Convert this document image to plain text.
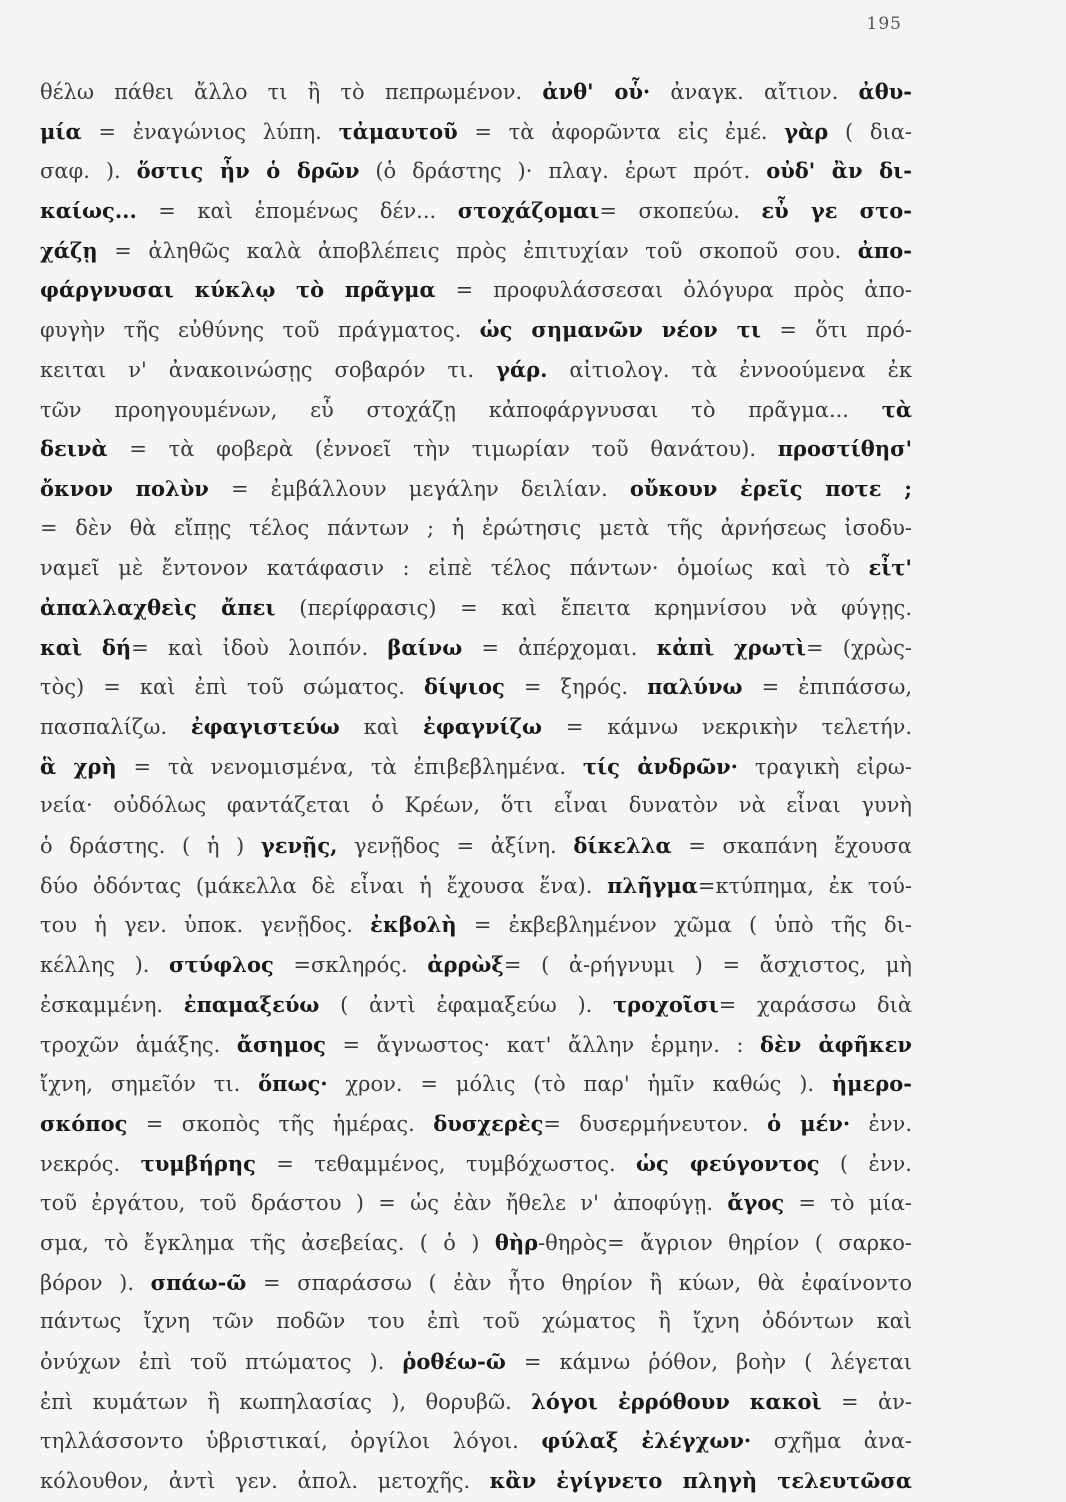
195
θέλω πάθει ἄλλο τι ἢ τὸ πεπρωμένον. ἀνθ' οὗ· ἀναγκ. αἴτιον. ἀθυ-
μία = ἐναγώνιος λύπη. τἀμαυτοῦ = τὰ ἀφορῶντα εἰς ἐμέ. γὰρ ( δια-
σαφ. ). ὅστις ἦν ὁ δρῶν (ὁ δράστης )· πλαγ. ἐρωτ πρότ. οὐδ' ἂν δι-
καίως... = καὶ ἑπομένως δέν... στοχάζομαι= σκοπεύω. εὖ γε στο-
χάζῃ = ἀληθῶς καλὰ ἀποβλέπεις πρὸς ἐπιτυχίαν τοῦ σκοποῦ σου. ἀπο-
φάργνυσαι κύκλῳ τὸ πρᾶγμα = προφυλάσσεσαι ὀλόγυρα πρὸς ἀπο-
φυγὴν τῆς εὐθύνης τοῦ πράγματος. ὡς σημανῶν νέον τι = ὅτι πρό-
κειται ν' ἀνακοινώσῃς σοβαρόν τι. γάρ. αἰτιολογ. τὰ ἐννοούμενα ἐκ
τῶν προηγουμένων, εὖ στοχάζῃ κἀποφάργνυσαι τὸ πρᾶγμα... τὰ
δεινὰ = τὰ φοβερὰ (ἐννοεῖ τὴν τιμωρίαν τοῦ θανάτου). προστίθησ'
ὄκνον πολὺν = ἐμβάλλουν μεγάλην δειλίαν. οὔκουν ἐρεῖς ποτε ;
= δὲν θὰ εἴπῃς τέλος πάντων ; ἡ ἐρώτησις μετὰ τῆς ἀρνήσεως ἰσοδυ-
ναμεῖ μὲ ἔντονον κατάφασιν : εἰπὲ τέλος πάντων· ὁμοίως καὶ τὸ εἶτ'
ἀπαλλαχθεὶς ἄπει (περίφρασις) = καὶ ἔπειτα κρημνίσου νὰ φύγῃς.
καὶ δή= καὶ ἰδοὺ λοιπόν. βαίνω = ἀπέρχομαι. κἀπὶ χρωτὶ= (χρὼς-
τὸς) = καὶ ἐπὶ τοῦ σώματος. δίψιος = ξηρός. παλύνω = ἐπιπάσσω,
πασπαλίζω. ἐφαγιστεύω καὶ ἐφαγνίζω = κάμνω νεκρικὴν τελετήν.
ἃ χρὴ = τὰ νενομισμένα, τὰ ἐπιβεβλημένα. τίς ἀνδρῶν· τραγικὴ εἰρω-
νεία· οὐδόλως φαντάζεται ὁ Κρέων, ὅτι εἶναι δυνατὸν νὰ εἶναι γυνὴ
ὁ δράστης. ( ἡ ) γενῇς, γενῇδος = ἀξίνη. δίκελλα = σκαπάνη ἔχουσα
δύο ὀδόντας (μάκελλα δὲ εἶναι ἡ ἔχουσα ἕνα). πλῆγμα=κτύπημα, ἐκ τού-
του ἡ γεν. ὑποκ. γενῇδος. ἐκβολὴ = ἐκβεβλημένον χῶμα ( ὑπὸ τῆς δι-
κέλλης ). στύφλος =σκληρός. ἀρρὼξ= ( ἀ-ρήγνυμι ) = ἄσχιστος, μὴ
ἐσκαμμένη. ἐπαμαξεύω ( ἀντὶ ἐφαμαξεύω ). τροχοῖσι= χαράσσω διὰ
τροχῶν ἁμάξης. ἄσημος = ἄγνωστος· κατ' ἄλλην ἑρμην. : δὲν ἀφῆκεν
ἴχνη, σημεῖόν τι. ὅπως· χρον. = μόλις (τὸ παρ' ἡμῖν καθώς ). ἡμερο-
σκόπος = σκοπὸς τῆς ἡμέρας. δυσχερὲς= δυσερμήνευτον. ὁ μέν· ἐνν.
νεκρός. τυμβήρης = τεθαμμένος, τυμβόχωστος. ὡς φεύγοντος ( ἐνν.
τοῦ ἐργάτου, τοῦ δράστου ) = ὡς ἐὰν ἤθελε ν' ἀποφύγῃ. ἄγος = τὸ μία-
σμα, τὸ ἔγκλημα τῆς ἀσεβείας. ( ὁ ) θὴρ-θηρὸς= ἄγριον θηρίον ( σαρκο-
βόρον ). σπάω-ῶ = σπαράσσω ( ἐὰν ἦτο θηρίον ἢ κύων, θὰ ἐφαίνοντο
πάντως ἴχνη τῶν ποδῶν του ἐπὶ τοῦ χώματος ἢ ἴχνη ὀδόντων καὶ
ὀνύχων ἐπὶ τοῦ πτώματος ). ῥοθέω-ῶ = κάμνω ῥόθον, βοὴν ( λέγεται
ἐπὶ κυμάτων ἢ κωπηλασίας ), θορυβῶ. λόγοι ἐρρόθουν κακοὶ = ἀν-
τηλλάσσοντο ὑβριστικαί, ὀργίλοι λόγοι. φύλαξ ἐλέγχων· σχῆμα ἀνα-
κόλουθον, ἀντὶ γεν. ἀπολ. μετοχῆς. κἂν ἐγίγνετο πληγὴ τελευτῶσα
